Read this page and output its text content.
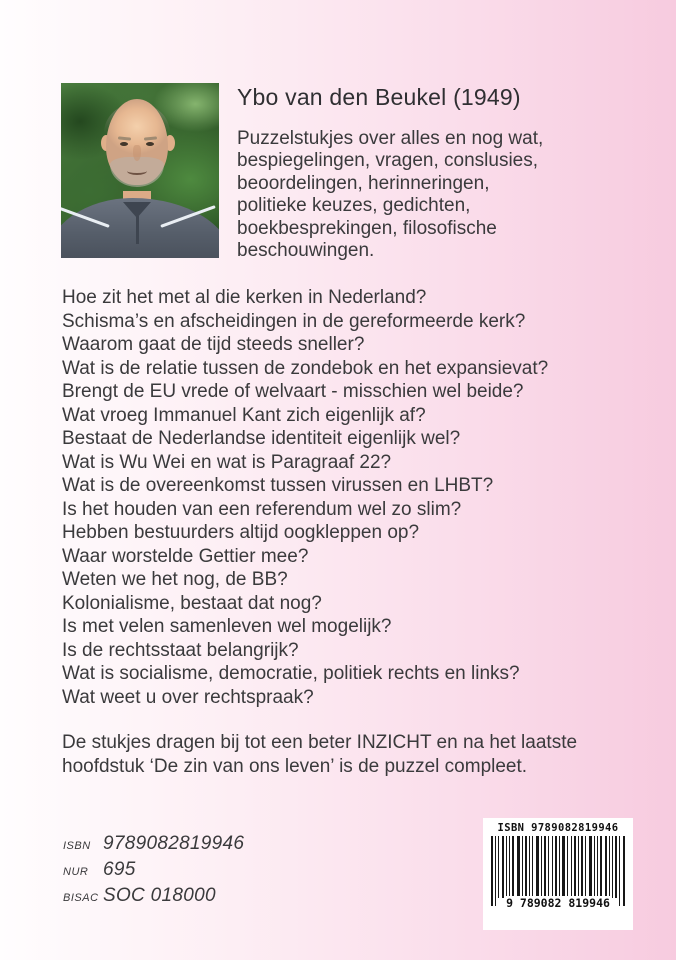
Ybo van den Beukel (1949)
Puzzelstukjes over alles en nog wat,
bespiegelingen, vragen, conslusies,
beoordelingen, herinneringen,
politieke keuzes, gedichten,
boekbesprekingen, filosofische
beschouwingen.
Hoe zit het met al die kerken in Nederland?
Schisma’s en afscheidingen in de gereformeerde kerk?
Waarom gaat de tijd steeds sneller?
Wat is de relatie tussen de zondebok en het expansievat?
Brengt de EU vrede of welvaart - misschien wel beide?
Wat vroeg Immanuel Kant zich eigenlijk af?
Bestaat de Nederlandse identiteit eigenlijk wel?
Wat is Wu Wei en wat is Paragraaf 22?
Wat is de overeenkomst tussen virussen en LHBT?
Is het houden van een referendum wel zo slim?
Hebben bestuurders altijd oogkleppen op?
Waar worstelde Gettier mee?
Weten we het nog, de BB?
Kolonialisme, bestaat dat nog?
Is met velen samenleven wel mogelijk?
Is de rechtsstaat belangrijk?
Wat is socialisme, democratie, politiek rechts en links?
Wat weet u over rechtspraak?
De stukjes dragen bij tot een beter INZICHT en na het laatste
hoofdstuk ‘De zin van ons leven’ is de puzzel compleet.
ISBN 9789082819946
NUR 695
BISAC SOC 018000
ISBN 9789082819946
9 789082 819946
